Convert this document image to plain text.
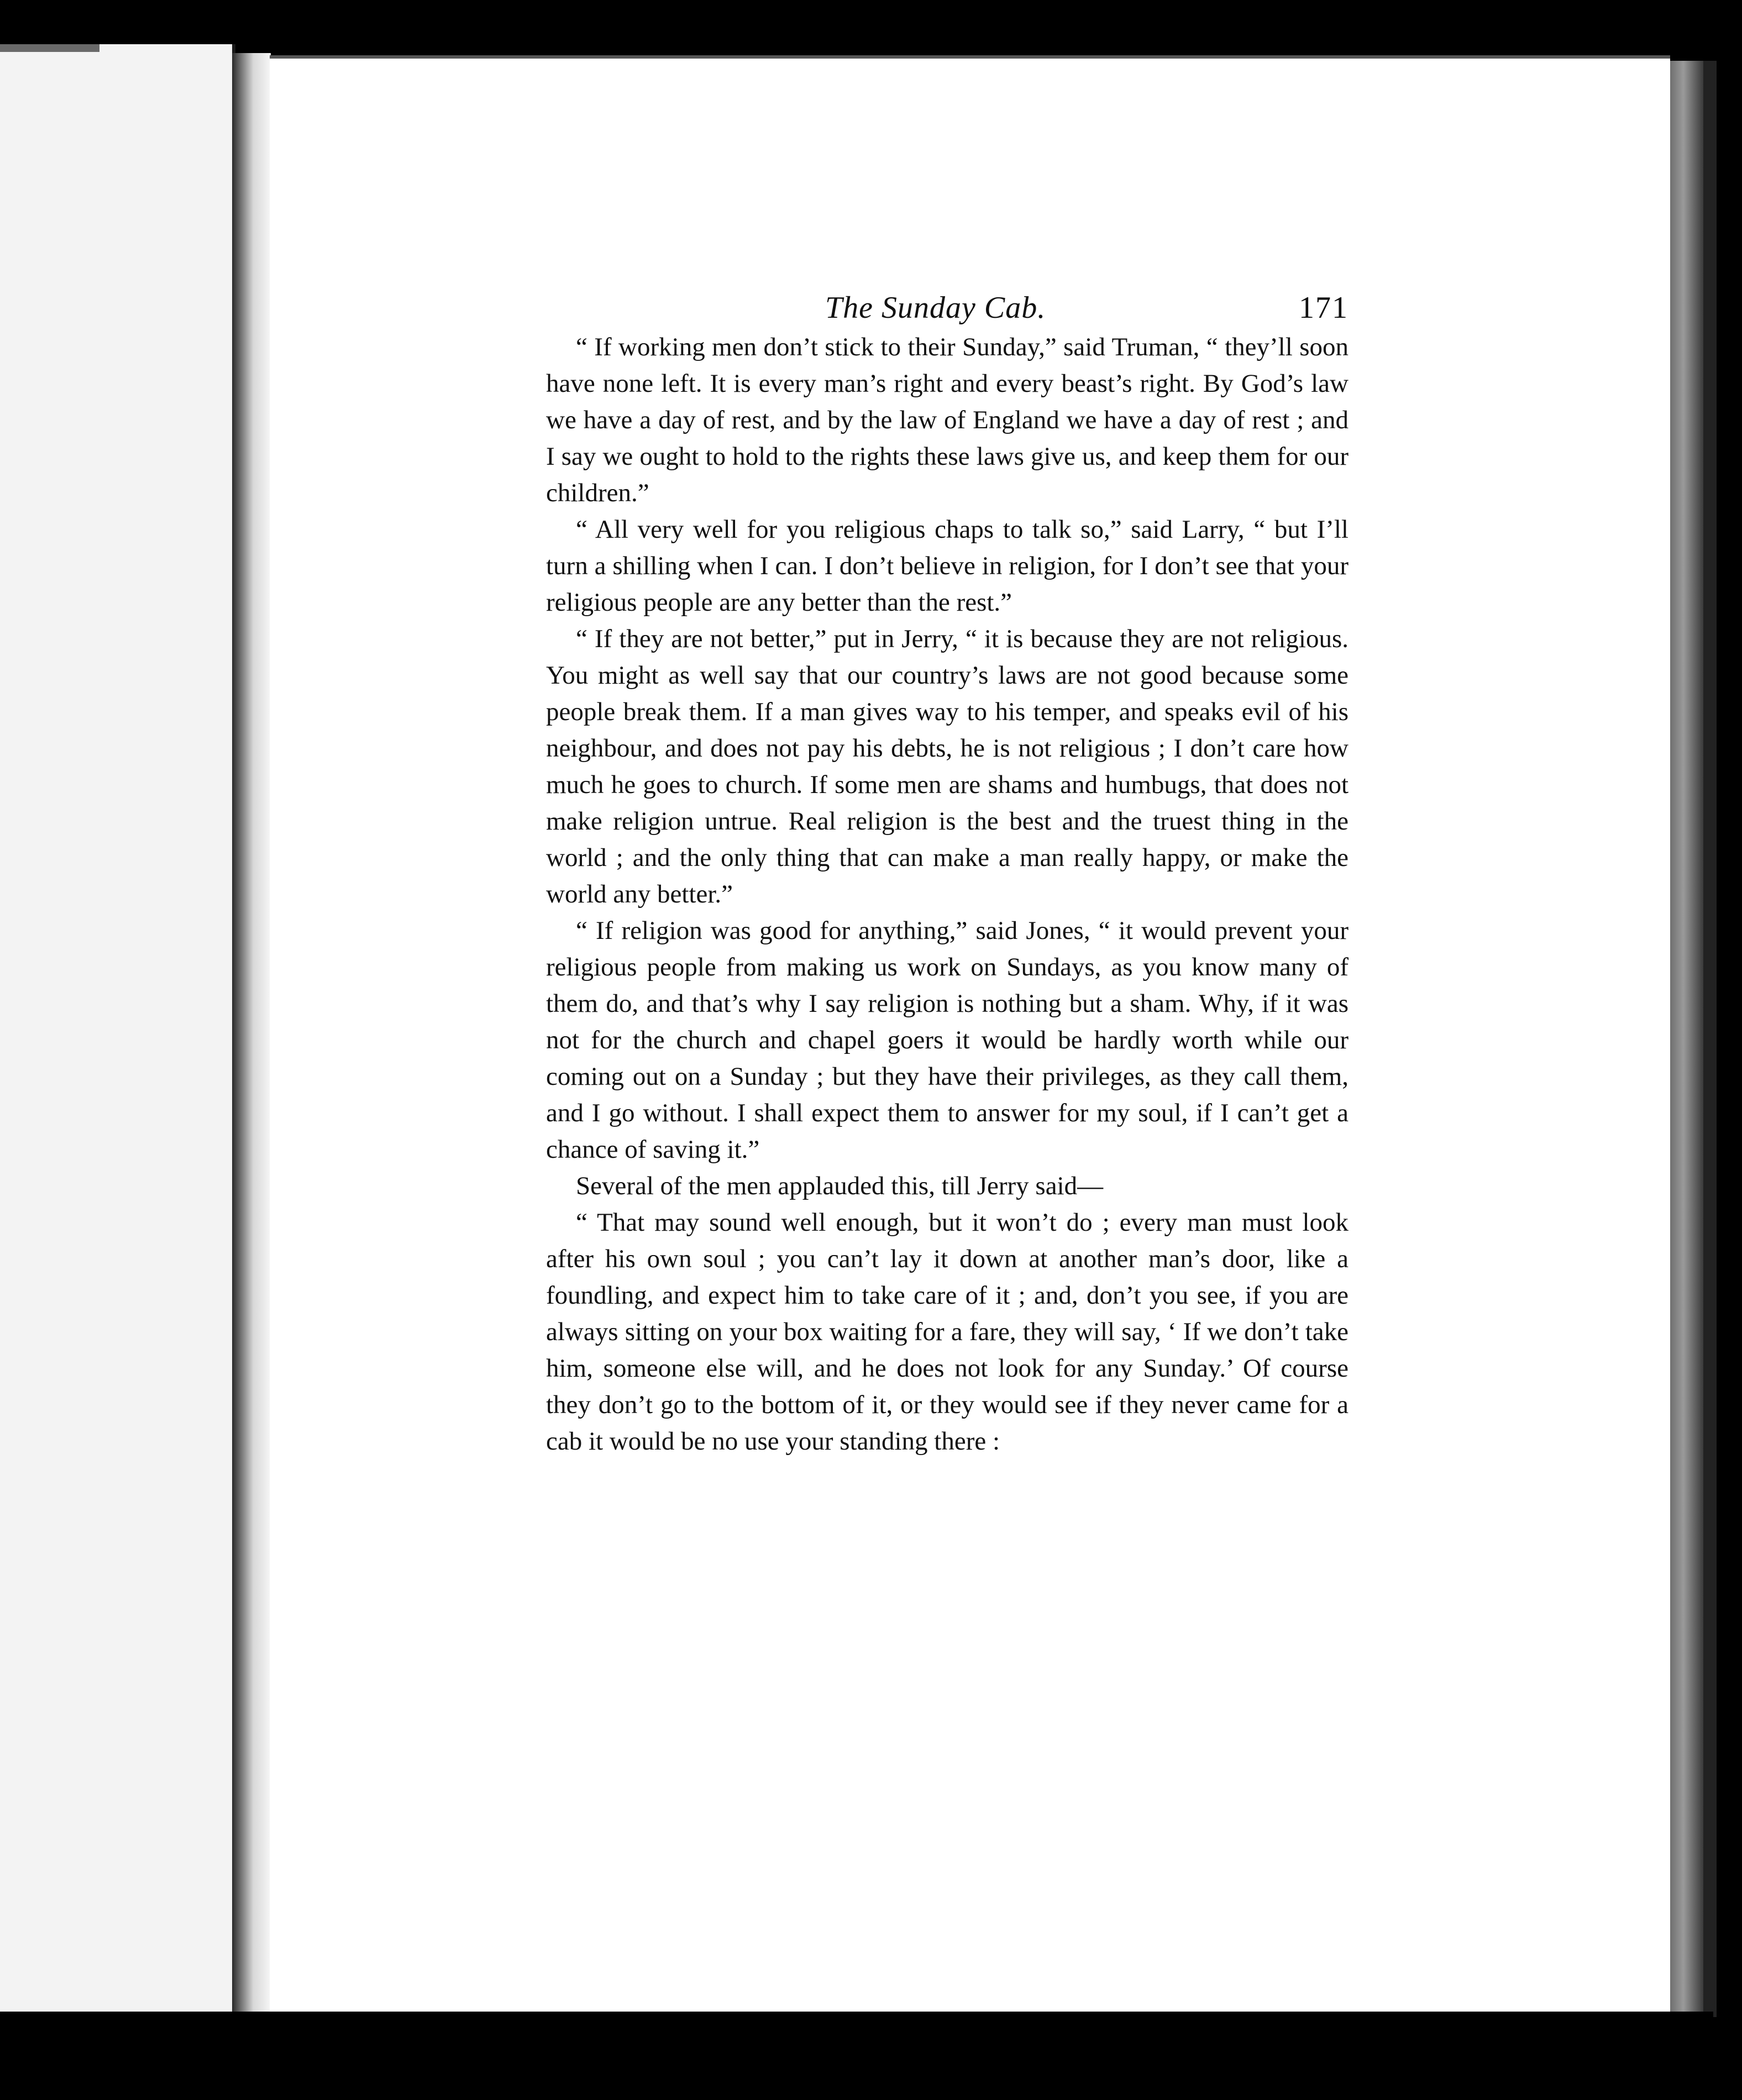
The Sunday Cab.	171

“ If working men don’t stick to their Sunday,” said Truman, “ they’ll soon have none left. It is every man’s right and every beast’s right. By God’s law we have a day of rest, and by the law of England we have a day of rest ; and I say we ought to hold to the rights these laws give us, and keep them for our children.”

“ All very well for you religious chaps to talk so,” said Larry, “ but I’ll turn a shilling when I can. I don’t believe in religion, for I don’t see that your religious people are any better than the rest.”

“ If they are not better,” put in Jerry, “ it is because they are not religious. You might as well say that our country’s laws are not good because some people break them. If a man gives way to his temper, and speaks evil of his neighbour, and does not pay his debts, he is not religious ; I don’t care how much he goes to church. If some men are shams and humbugs, that does not make religion untrue. Real religion is the best and the truest thing in the world ; and the only thing that can make a man really happy, or make the world any better.”

“ If religion was good for anything,” said Jones, “ it would prevent your religious people from making us work on Sundays, as you know many of them do, and that’s why I say religion is nothing but a sham. Why, if it was not for the church and chapel goers it would be hardly worth while our coming out on a Sunday ; but they have their privileges, as they call them, and I go without. I shall expect them to answer for my soul, if I can’t get a chance of saving it.”

Several of the men applauded this, till Jerry said—

“ That may sound well enough, but it won’t do ; every man must look after his own soul ; you can’t lay it down at another man’s door, like a foundling, and expect him to take care of it ; and, don’t you see, if you are always sitting on your box waiting for a fare, they will say, ‘ If we don’t take him, someone else will, and he does not look for any Sunday.’ Of course they don’t go to the bottom of it, or they would see if they never came for a cab it would be no use your standing there :
